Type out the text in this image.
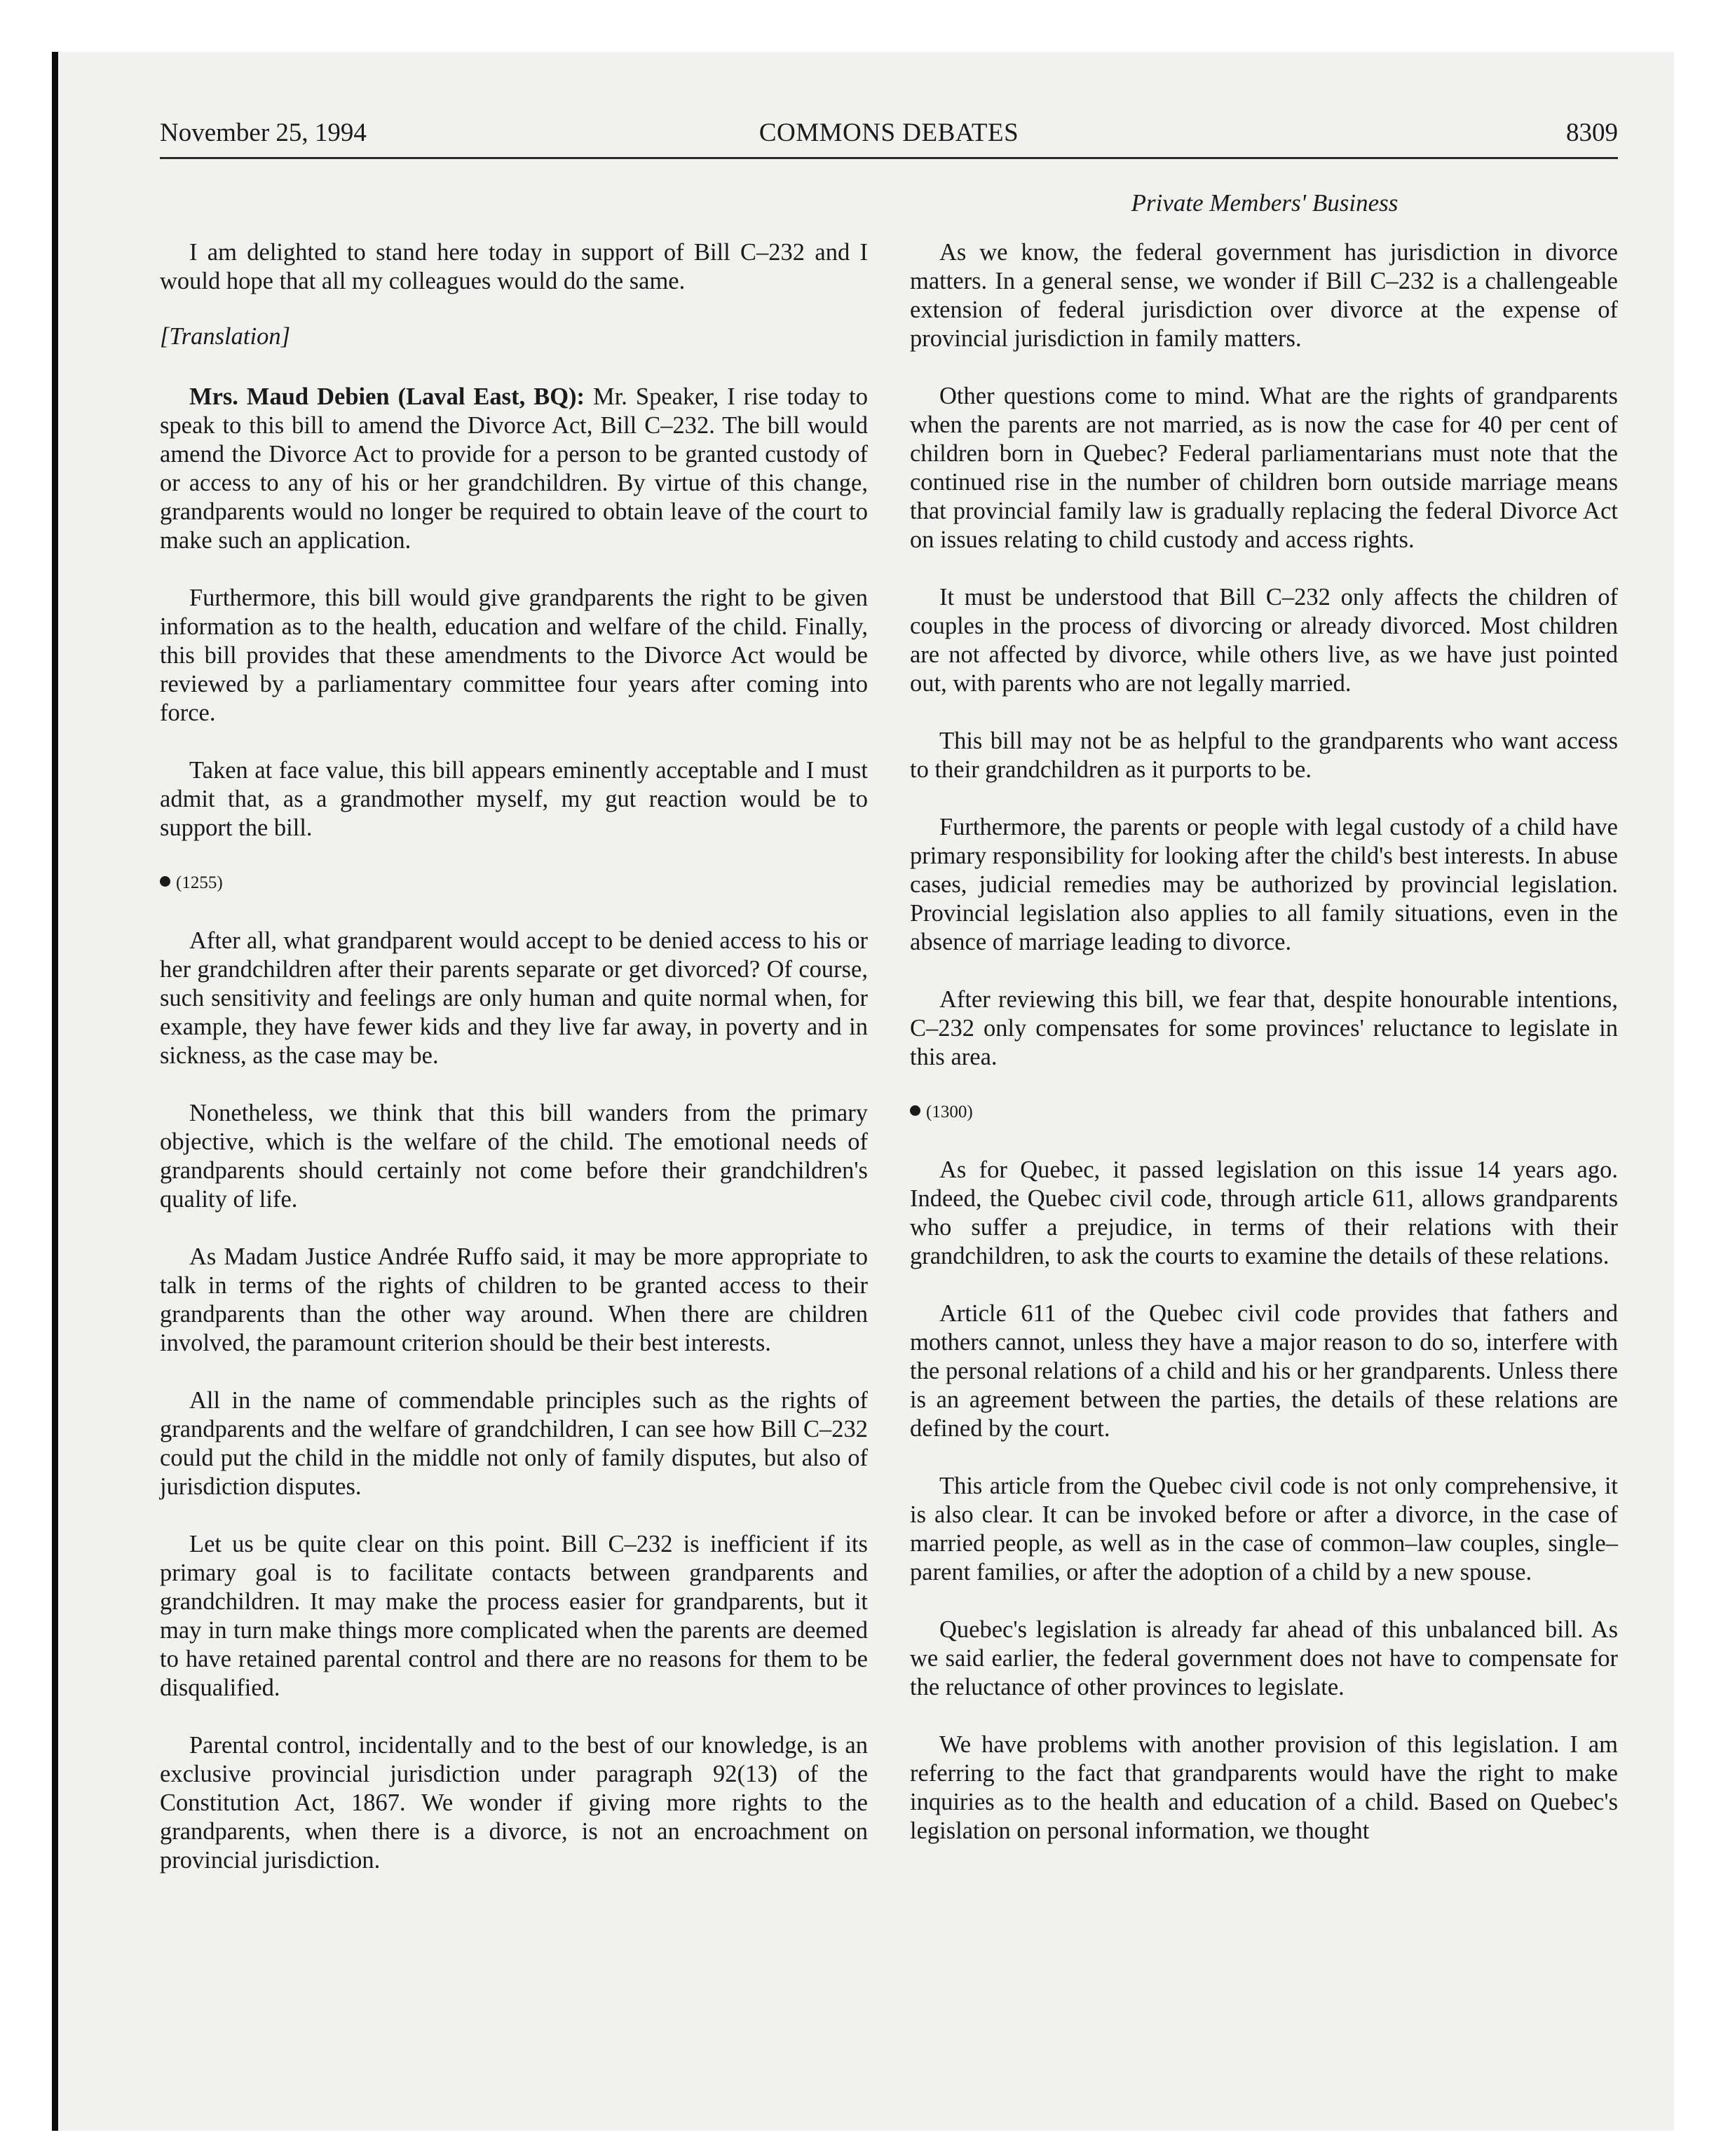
November 25, 1994	COMMONS DEBATES	8309
Private Members' Business

I am delighted to stand here today in support of Bill C–232 and I would hope that all my colleagues would do the same.

[Translation]

Mrs. Maud Debien (Laval East, BQ): Mr. Speaker, I rise today to speak to this bill to amend the Divorce Act, Bill C–232. The bill would amend the Divorce Act to provide for a person to be granted custody of or access to any of his or her grandchildren. By virtue of this change, grandparents would no longer be required to obtain leave of the court to make such an application.

Furthermore, this bill would give grandparents the right to be given information as to the health, education and welfare of the child. Finally, this bill provides that these amendments to the Divorce Act would be reviewed by a parliamentary committee four years after coming into force.

Taken at face value, this bill appears eminently acceptable and I must admit that, as a grandmother myself, my gut reaction would be to support the bill.

(1255)

After all, what grandparent would accept to be denied access to his or her grandchildren after their parents separate or get divorced? Of course, such sensitivity and feelings are only human and quite normal when, for example, they have fewer kids and they live far away, in poverty and in sickness, as the case may be.

Nonetheless, we think that this bill wanders from the primary objective, which is the welfare of the child. The emotional needs of grandparents should certainly not come before their grandchildren's quality of life.

As Madam Justice Andrée Ruffo said, it may be more appropriate to talk in terms of the rights of children to be granted access to their grandparents than the other way around. When there are children involved, the paramount criterion should be their best interests.

All in the name of commendable principles such as the rights of grandparents and the welfare of grandchildren, I can see how Bill C–232 could put the child in the middle not only of family disputes, but also of jurisdiction disputes.

Let us be quite clear on this point. Bill C–232 is inefficient if its primary goal is to facilitate contacts between grandparents and grandchildren. It may make the process easier for grandparents, but it may in turn make things more complicated when the parents are deemed to have retained parental control and there are no reasons for them to be disqualified.

Parental control, incidentally and to the best of our knowledge, is an exclusive provincial jurisdiction under paragraph 92(13) of the Constitution Act, 1867. We wonder if giving more rights to the grandparents, when there is a divorce, is not an encroachment on provincial jurisdiction.

As we know, the federal government has jurisdiction in divorce matters. In a general sense, we wonder if Bill C–232 is a challengeable extension of federal jurisdiction over divorce at the expense of provincial jurisdiction in family matters.

Other questions come to mind. What are the rights of grandparents when the parents are not married, as is now the case for 40 per cent of children born in Quebec? Federal parliamentarians must note that the continued rise in the number of children born outside marriage means that provincial family law is gradually replacing the federal Divorce Act on issues relating to child custody and access rights.

It must be understood that Bill C–232 only affects the children of couples in the process of divorcing or already divorced. Most children are not affected by divorce, while others live, as we have just pointed out, with parents who are not legally married.

This bill may not be as helpful to the grandparents who want access to their grandchildren as it purports to be.

Furthermore, the parents or people with legal custody of a child have primary responsibility for looking after the child's best interests. In abuse cases, judicial remedies may be authorized by provincial legislation. Provincial legislation also applies to all family situations, even in the absence of marriage leading to divorce.

After reviewing this bill, we fear that, despite honourable intentions, C–232 only compensates for some provinces' reluctance to legislate in this area.

(1300)

As for Quebec, it passed legislation on this issue 14 years ago. Indeed, the Quebec civil code, through article 611, allows grandparents who suffer a prejudice, in terms of their relations with their grandchildren, to ask the courts to examine the details of these relations.

Article 611 of the Quebec civil code provides that fathers and mothers cannot, unless they have a major reason to do so, interfere with the personal relations of a child and his or her grandparents. Unless there is an agreement between the parties, the details of these relations are defined by the court.

This article from the Quebec civil code is not only comprehensive, it is also clear. It can be invoked before or after a divorce, in the case of married people, as well as in the case of common–law couples, single–parent families, or after the adoption of a child by a new spouse.

Quebec's legislation is already far ahead of this unbalanced bill. As we said earlier, the federal government does not have to compensate for the reluctance of other provinces to legislate.

We have problems with another provision of this legislation. I am referring to the fact that grandparents would have the right to make inquiries as to the health and education of a child. Based on Quebec's legislation on personal information, we thought
